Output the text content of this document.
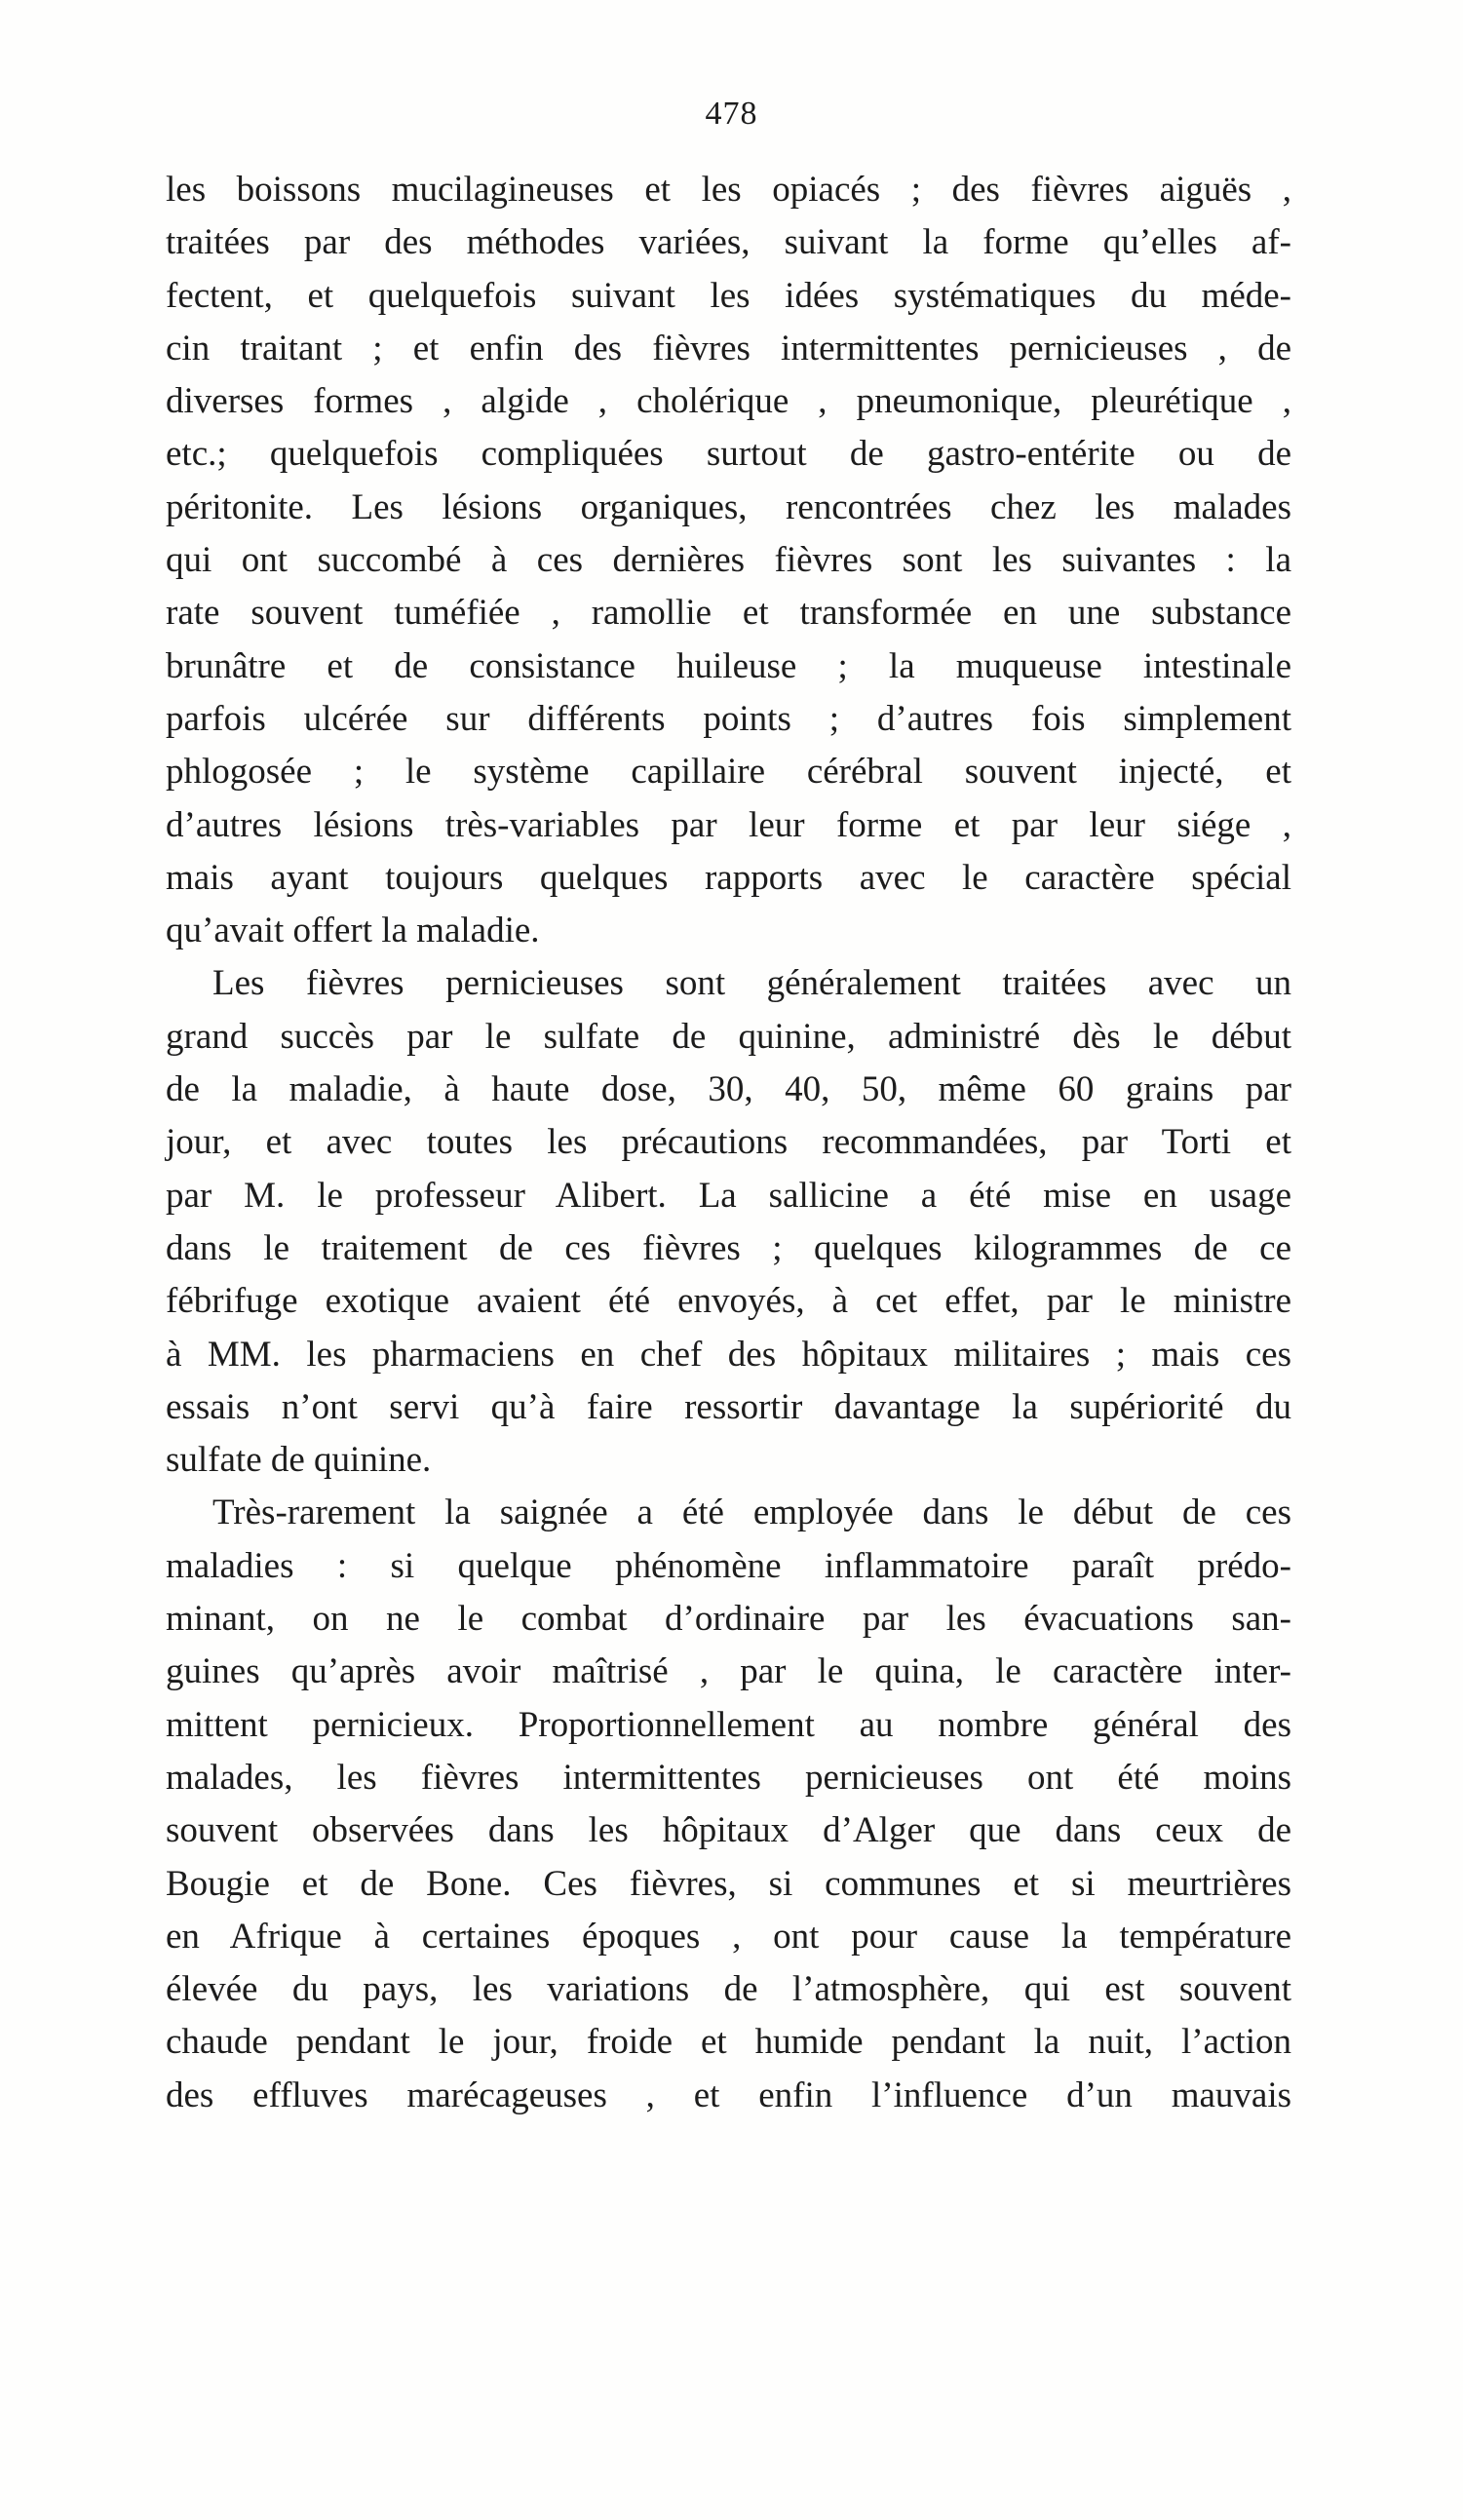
478
les boissons mucilagineuses et les opiacés ; des fièvres aiguës ,
traitées par des méthodes variées, suivant la forme qu’elles af-
fectent, et quelquefois suivant les idées systématiques du méde-
cin traitant ; et enfin des fièvres intermittentes pernicieuses , de
diverses formes , algide , cholérique , pneumonique, pleurétique ,
etc.; quelquefois compliquées surtout de gastro-entérite ou de
péritonite. Les lésions organiques, rencontrées chez les malades
qui ont succombé à ces dernières fièvres sont les suivantes : la
rate souvent tuméfiée , ramollie et transformée en une substance
brunâtre et de consistance huileuse ; la muqueuse intestinale
parfois ulcérée sur différents points ; d’autres fois simplement
phlogosée ; le système capillaire cérébral souvent injecté, et
d’autres lésions très-variables par leur forme et par leur siége ,
mais ayant toujours quelques rapports avec le caractère spécial
qu’avait offert la maladie.
Les fièvres pernicieuses sont généralement traitées avec un
grand succès par le sulfate de quinine, administré dès le début
de la maladie, à haute dose, 30, 40, 50, même 60 grains par
jour, et avec toutes les précautions recommandées, par Torti et
par M. le professeur Alibert. La sallicine a été mise en usage
dans le traitement de ces fièvres ; quelques kilogrammes de ce
fébrifuge exotique avaient été envoyés, à cet effet, par le ministre
à MM. les pharmaciens en chef des hôpitaux militaires ; mais ces
essais n’ont servi qu’à faire ressortir davantage la supériorité du
sulfate de quinine.
Très-rarement la saignée a été employée dans le début de ces
maladies : si quelque phénomène inflammatoire paraît prédo-
minant, on ne le combat d’ordinaire par les évacuations san-
guines qu’après avoir maîtrisé , par le quina, le caractère inter-
mittent pernicieux. Proportionnellement au nombre général des
malades, les fièvres intermittentes pernicieuses ont été moins
souvent observées dans les hôpitaux d’Alger que dans ceux de
Bougie et de Bone. Ces fièvres, si communes et si meurtrières
en Afrique à certaines époques , ont pour cause la température
élevée du pays, les variations de l’atmosphère, qui est souvent
chaude pendant le jour, froide et humide pendant la nuit, l’action
des effluves marécageuses , et enfin l’influence d’un mauvais
